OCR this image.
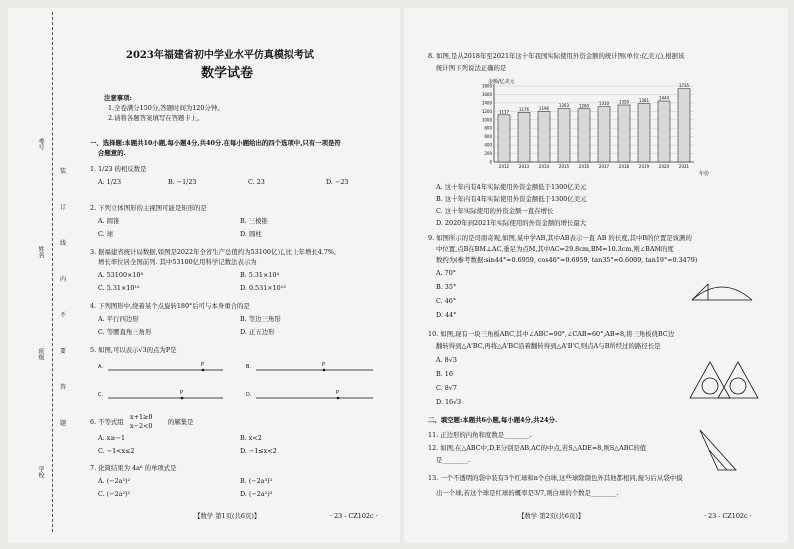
考号
姓名
班级
学校
装
订
线
内
不
要
答
题
2023年福建省初中学业水平仿真模拟考试
数学试卷
注意事项:
1.全卷满分150分,答题时间为120分钟。
2.请将各题答案填写在答题卡上。
一、选择题:本题共10小题,每小题4分,共40分.在每小题给出的四个选项中,只有一项是符
合题意的.
1. 1/23 的相反数是
A. 1/23	B. −1/23	C. 23	D. −23
2. 下列立体图形的主视图可能是矩形的是
A. 圆锥	B. 三棱锥
C. 球	D. 圆柱
3. 据福建省统计局数据,如图是2022年全省生产总值约为53100亿元,比上年增长4.7%,
增长率位居全国前列. 其中53100亿用科学记数法表示为
A. 53100×10⁸	B. 5.31×10⁴
C. 5.31×10¹²	D. 0.531×10¹³
4. 下列图形中,绕着某个点旋转180°后可与本身重合的是
A. 平行四边形	B. 等边三角形
C. 等腰直角三角形	D. 正五边形
5. 如图,可以表示√3的点为P是
A.	B.
C.	D.
P	P
P	P
6. 不等式组
x+1≥0
x−2<0 的解集是
A. x≥−1	B. x<2
C. −1<x≤2	D. −1≤x<2
7. 化简结果为 4a⁶ 的单项式是
A. (−2a³)²	B. (−2a³)³
C. (−2a²)²	D. (−2a²)³
【数学 第1页(共6页)】	· 23 - CZ102c ·
8. 如图,是从2018年至2021年这十年我国实际使用外资金额的统计图(单位:亿美元),根据该
统计图下列说法正确的是
金额/亿美元
年份
1800
1600
1400
1200
1000
800
600
400
200
0
1117
2012
1176
2013
1196
2014
1263
2015
1260
2016
1310
2017
1350
2018
1381
2019
1444
2020
1735
2021
A. 这十年内有4年实际使用外资金额低于1300亿美元
B. 这十年内有4年实际使用外资金额低于1300亿美元
C. 这十年实际使用的外资金额一直在增长
D. 2020年到2021年实际使用的外资金额的增长最大
9. 如图所示的是司南奇观,如图,某中学AB,其中AB表示一直 AB 的长度,其中B的位置是该测的
中位置,点B在BM⊥AC,垂足为点M,其中AC=29.8cm,BM=10.3cm,则∠BAM的度
数约为(参考数据:sin44°≈0.6959, cos46°≈0.6959, tan35°≈0.6009, tan19°≈0.3479)
A. 70°
B. 35°
C. 46°
D. 44°
10. 如图,现有一块三角板ABC,其中∠ABC=90°,∠CAB=60°,AB=8,将三角板绕BC边
翻转得到△A'BC,再将△A'BC沿着翻转得到△A'B'C,则点A与B所经过的路径长是
A. 8√3
B. 16
C. 8√7
D. 16√3
二、填空题:本题共6小题,每小题4分,共24分.
11. 正边形的内角和度数是________.
12. 如图,在△ABC中,D,E分别是AB,AC的中点,若S△ADE=8,则S△ABC的值
是________.
13. 一个不透明的袋中装有3个红球和n个白球,这些球除颜色外其他都相同,搅匀后从袋中摸
出一个球,若这个球是红球的概率是3/7,则白球的个数是________.
【数学 第2页(共6页)】	· 23 - CZ102c ·
